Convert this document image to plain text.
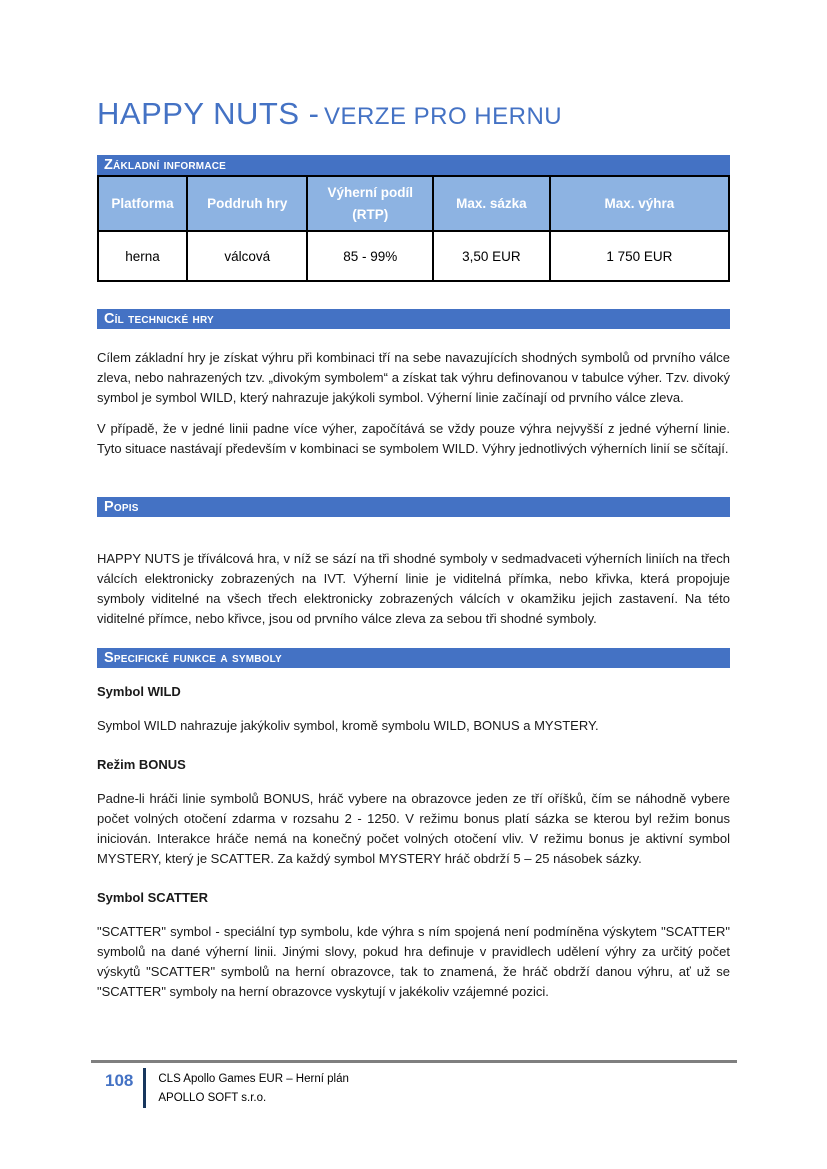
HAPPY NUTS - VERZE PRO HERNU
Základní informace
Platforma	Poddruh hry	Výherní podíl (RTP)	Max. sázka	Max. výhra
herna	válcová	85 - 99%	3,50 EUR	1 750 EUR
Cíl technické hry

Cílem základní hry je získat výhru při kombinaci tří na sebe navazujících shodných symbolů od prvního válce zleva, nebo nahrazených tzv. „divokým symbolem“ a získat tak výhru definovanou v tabulce výher. Tzv. divoký symbol je symbol WILD, který nahrazuje jakýkoli symbol. Výherní linie začínají od prvního válce zleva.

V případě, že v jedné linii padne více výher, započítává se vždy pouze výhra nejvyšší z jedné výherní linie. Tyto situace nastávají především v kombinaci se symbolem WILD. Výhry jednotlivých výherních linií se sčítají.

Popis

HAPPY NUTS je tříválcová hra, v níž se sází na tři shodné symboly v sedmadvaceti výherních liniích na třech válcích elektronicky zobrazených na IVT. Výherní linie je viditelná přímka, nebo křivka, která propojuje symboly viditelné na všech třech elektronicky zobrazených válcích v okamžiku jejich zastavení. Na této viditelné přímce, nebo křivce, jsou od prvního válce zleva za sebou tři shodné symboly.

Specifické funkce a symboly

Symbol WILD

Symbol WILD nahrazuje jakýkoliv symbol, kromě symbolu WILD, BONUS a MYSTERY.

Režim BONUS

Padne-li hráči linie symbolů BONUS, hráč vybere na obrazovce jeden ze tří oříšků, čím se náhodně vybere počet volných otočení zdarma v rozsahu 2 - 1250. V režimu bonus platí sázka se kterou byl režim bonus iniciován. Interakce hráče nemá na konečný počet volných otočení vliv. V režimu bonus je aktivní symbol MYSTERY, který je SCATTER. Za každý symbol MYSTERY hráč obdrží 5 – 25 násobek sázky.

Symbol SCATTER

"SCATTER" symbol - speciální typ symbolu, kde výhra s ním spojená není podmíněna výskytem "SCATTER" symbolů na dané výherní linii. Jinými slovy, pokud hra definuje v pravidlech udělení výhry za určitý počet výskytů "SCATTER" symbolů na herní obrazovce, tak to znamená, že hráč obdrží danou výhru, ať už se "SCATTER" symboly na herní obrazovce vyskytují v jakékoliv vzájemné pozici.

108 CLS Apollo Games EUR – Herní plán
APOLLO SOFT s.r.o.
